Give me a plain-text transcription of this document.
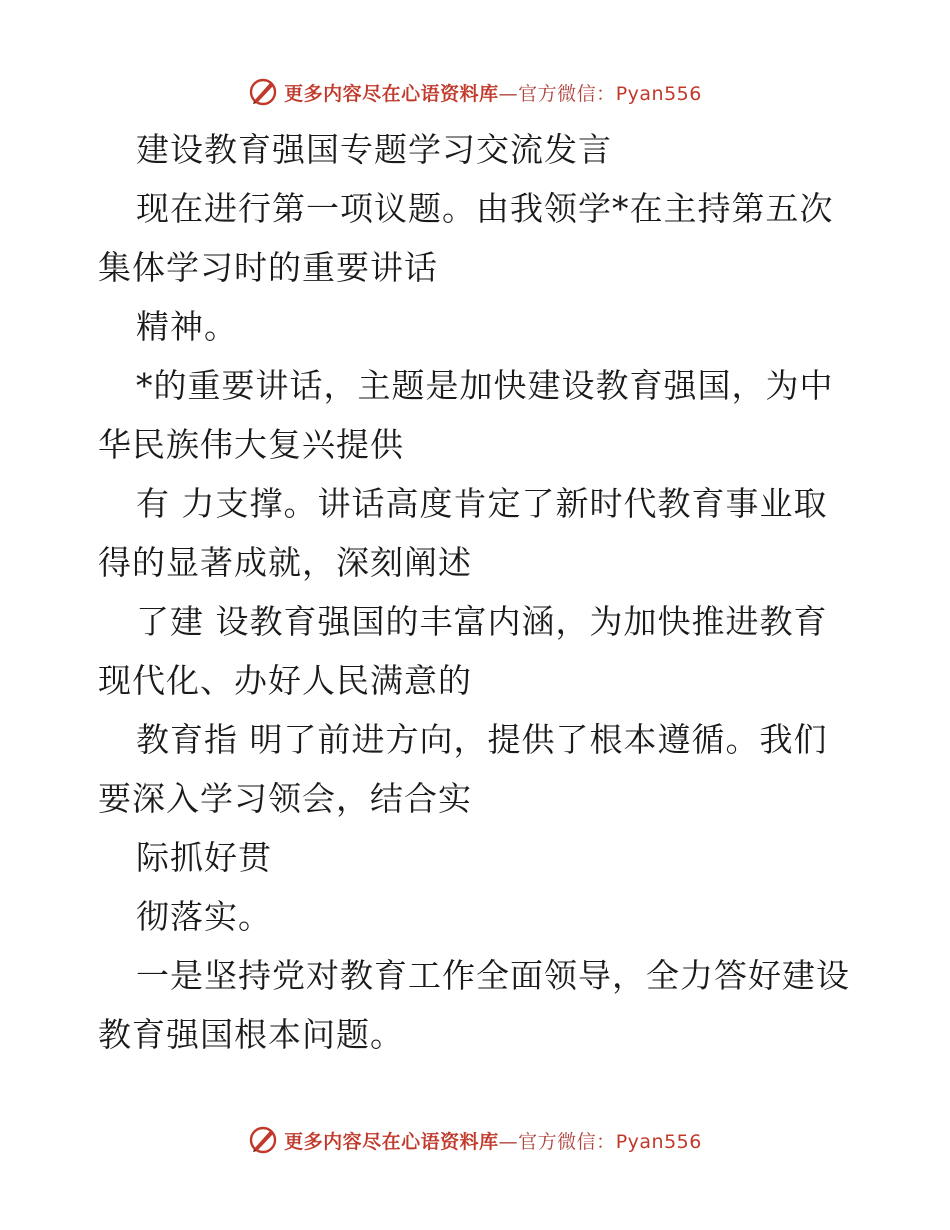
更多内容尽在心语资料库—官方微信：Pyan556
建设教育强国专题学习交流发言
现在进行第一项议题。由我领学*在主持第五次
集体学习时的重要讲话
精神。
*的重要讲话，主题是加快建设教育强国，为中
华民族伟大复兴提供
有 力支撑。讲话高度肯定了新时代教育事业取
得的显著成就，深刻阐述
了建 设教育强国的丰富内涵，为加快推进教育
现代化、办好人民满意的
教育指 明了前进方向，提供了根本遵循。我们
要深入学习领会，结合实
际抓好贯
彻落实。
一是坚持党对教育工作全面领导，全力答好建设
教育强国根本问题。
更多内容尽在心语资料库—官方微信：Pyan556
